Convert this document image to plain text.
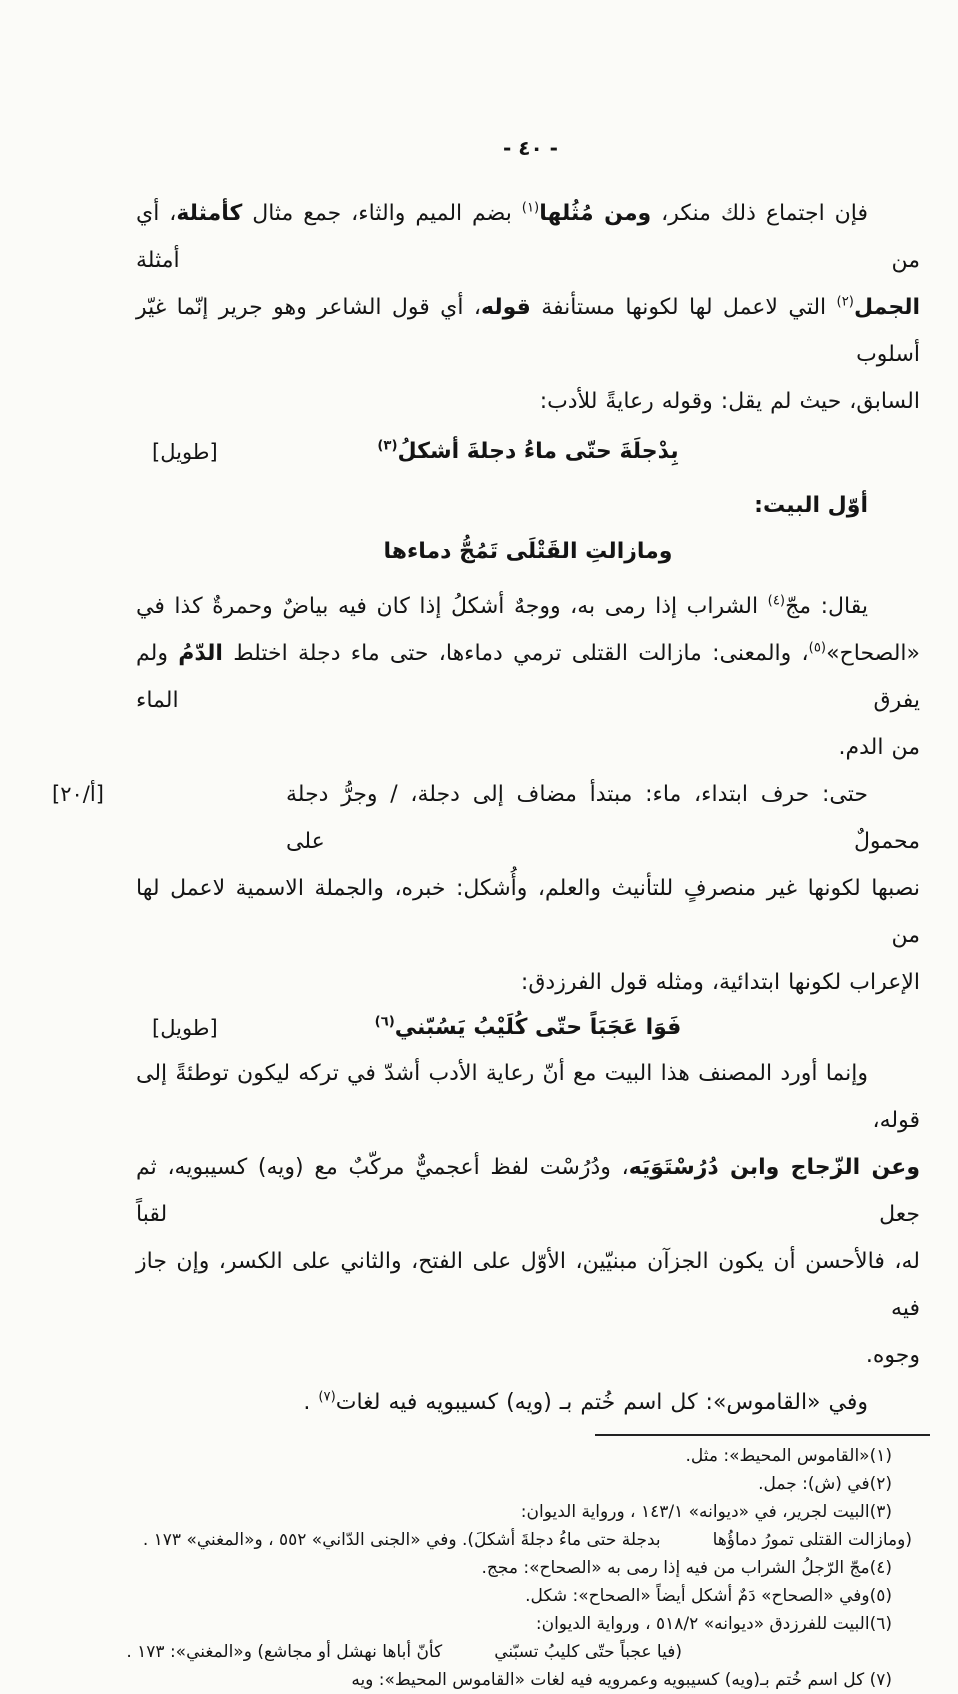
- ٤٠ -
فإن اجتماع ذلك منكر، ومن مُثُلها$^{(١)}$ بضم الميم والثاء، جمع مثال كأمثلة، أي من أمثلة
الجمل$^{(٢)}$ التي لاعمل لها لكونها مستأنفة قوله، أي قول الشاعر وهو جرير إنّما غيّر أسلوب
السابق، حيث لم يقل: وقوله رعايةً للأدب:
بِدْجلَةَ حتّى ماءُ دجلةَ أشكلُ$^{(٣)}$
[طويل]
أوّل البيت:
ومازالتِ القَتْلَى تَمُجُّ دماءها
يقال: مجّ$^{(٤)}$ الشراب إذا رمى به، ووجهٌ أشكلُ إذا كان فيه بياضٌ وحمرةٌ كذا في
«الصحاح»$^{(٥)}$، والمعنى: مازالت القتلى ترمي دماءها، حتى ماء دجلة اختلط الدّمُ ولم يفرق الماء
من الدم.
حتى: حرف ابتداء، ماء: مبتدأ مضاف إلى دجلة، / وجرُّ دجلة محمولٌ على
[أ/٢٠]
نصبها لكونها غير منصرفٍ للتأنيث والعلم، وأُشكل: خبره، والجملة الاسمية لاعمل لها من
الإعراب لكونها ابتدائية، ومثله قول الفرزدق:
فَوَا عَجَبَاً حتّى كُلَيْبُ يَسُبّني$^{(٦)}$
[طويل]
وإنما أورد المصنف هذا البيت مع أنّ رعاية الأدب أشدّ في تركه ليكون توطئةً إلى قوله،
وعن الزّجاج وابن دُرُسْتَوَيَه، ودُرُسْت لفظ أعجميٌّ مركّبٌ مع (ويه) كسيبويه، ثم جعل لقباً
له، فالأحسن أن يكون الجزآن مبنيّين، الأوّل على الفتح، والثاني على الكسر، وإن جاز فيه
وجوه.
وفي «القاموس»: كل اسم خُتم بـ (ويه) كسيبويه فيه لغات$^{(٧)}$ .
(١)«القاموس المحيط»: مثل.
(٢)في (ش): جمل.
(٣)البيت لجرير، في «ديوانه» ١٤٣/١ ، ورواية الديوان:
(ومازالت القتلى تمورُ دماؤُها بدجلة حتى ماءُ دجلةَ أشكلَ). وفي «الجنى الدّاني» ٥٥٢ ، و«المغني» ١٧٣ .
(٤)مجّ الرّجلُ الشراب من فيه إذا رمى به «الصحاح»: مجج.
(٥)وفي «الصحاح» دَمٌ أشكل أيضاً «الصحاح»: شكل.
(٦)البيت للفرزدق «ديوانه» ٥١٨/٢ ، ورواية الديوان:
(فيا عجباً حتّى كليبُ تسبّني كأنّ أباها نهشل أو مجاشع) و«المغني»: ١٧٣ .
(٧) كل اسم خُتم بـ(ويه) كسيبويه وعمرويه فيه لغات «القاموس المحيط»: ويه
